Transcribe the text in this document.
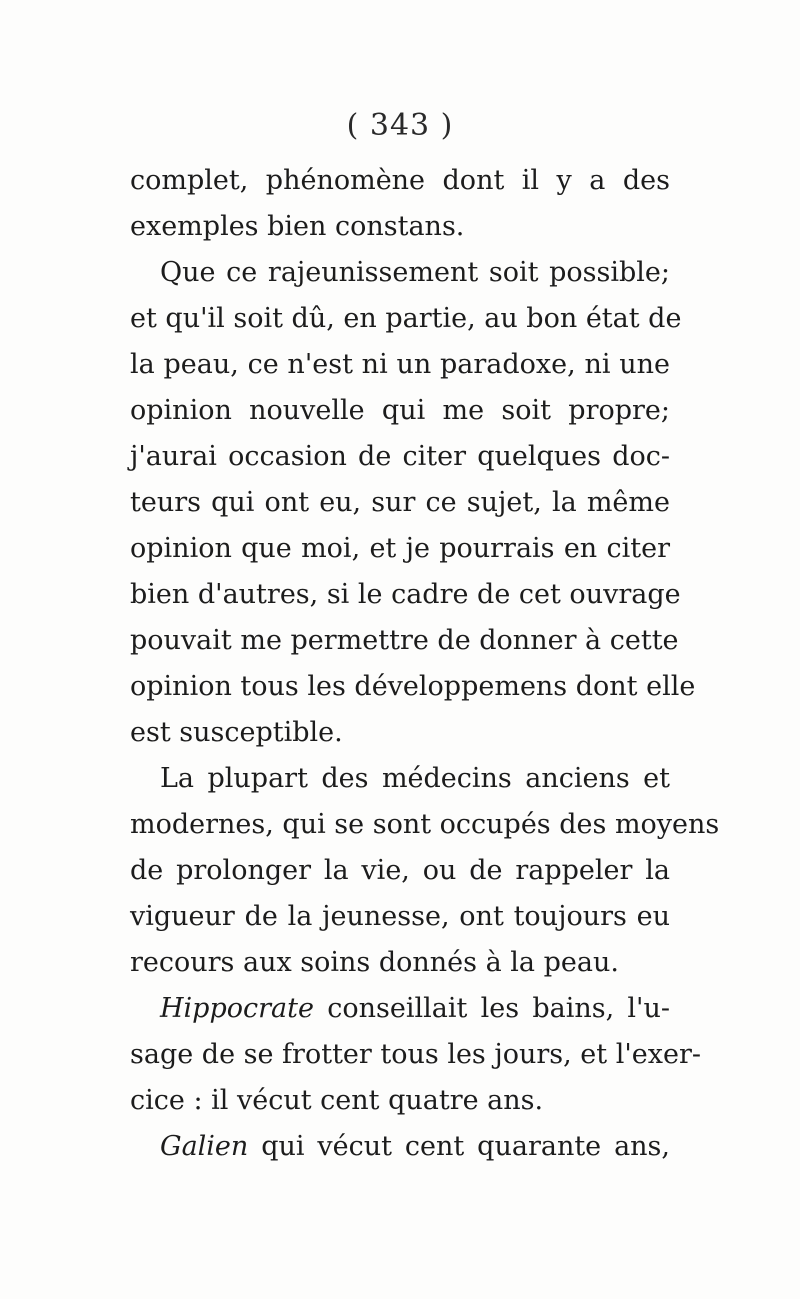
( 343 )
complet, phénomène dont il y a des
exemples bien constans.
Que ce rajeunissement soit possible;
et qu'il soit dû, en partie, au bon état de
la peau, ce n'est ni un paradoxe, ni une
opinion nouvelle qui me soit propre;
j'aurai occasion de citer quelques doc-
teurs qui ont eu, sur ce sujet, la même
opinion que moi, et je pourrais en citer
bien d'autres, si le cadre de cet ouvrage
pouvait me permettre de donner à cette
opinion tous les développemens dont elle
est susceptible.
La plupart des médecins anciens et
modernes, qui se sont occupés des moyens
de prolonger la vie, ou de rappeler la
vigueur de la jeunesse, ont toujours eu
recours aux soins donnés à la peau.
Hippocrate conseillait les bains, l'u-
sage de se frotter tous les jours, et l'exer-
cice : il vécut cent quatre ans.
Galien qui vécut cent quarante ans,
